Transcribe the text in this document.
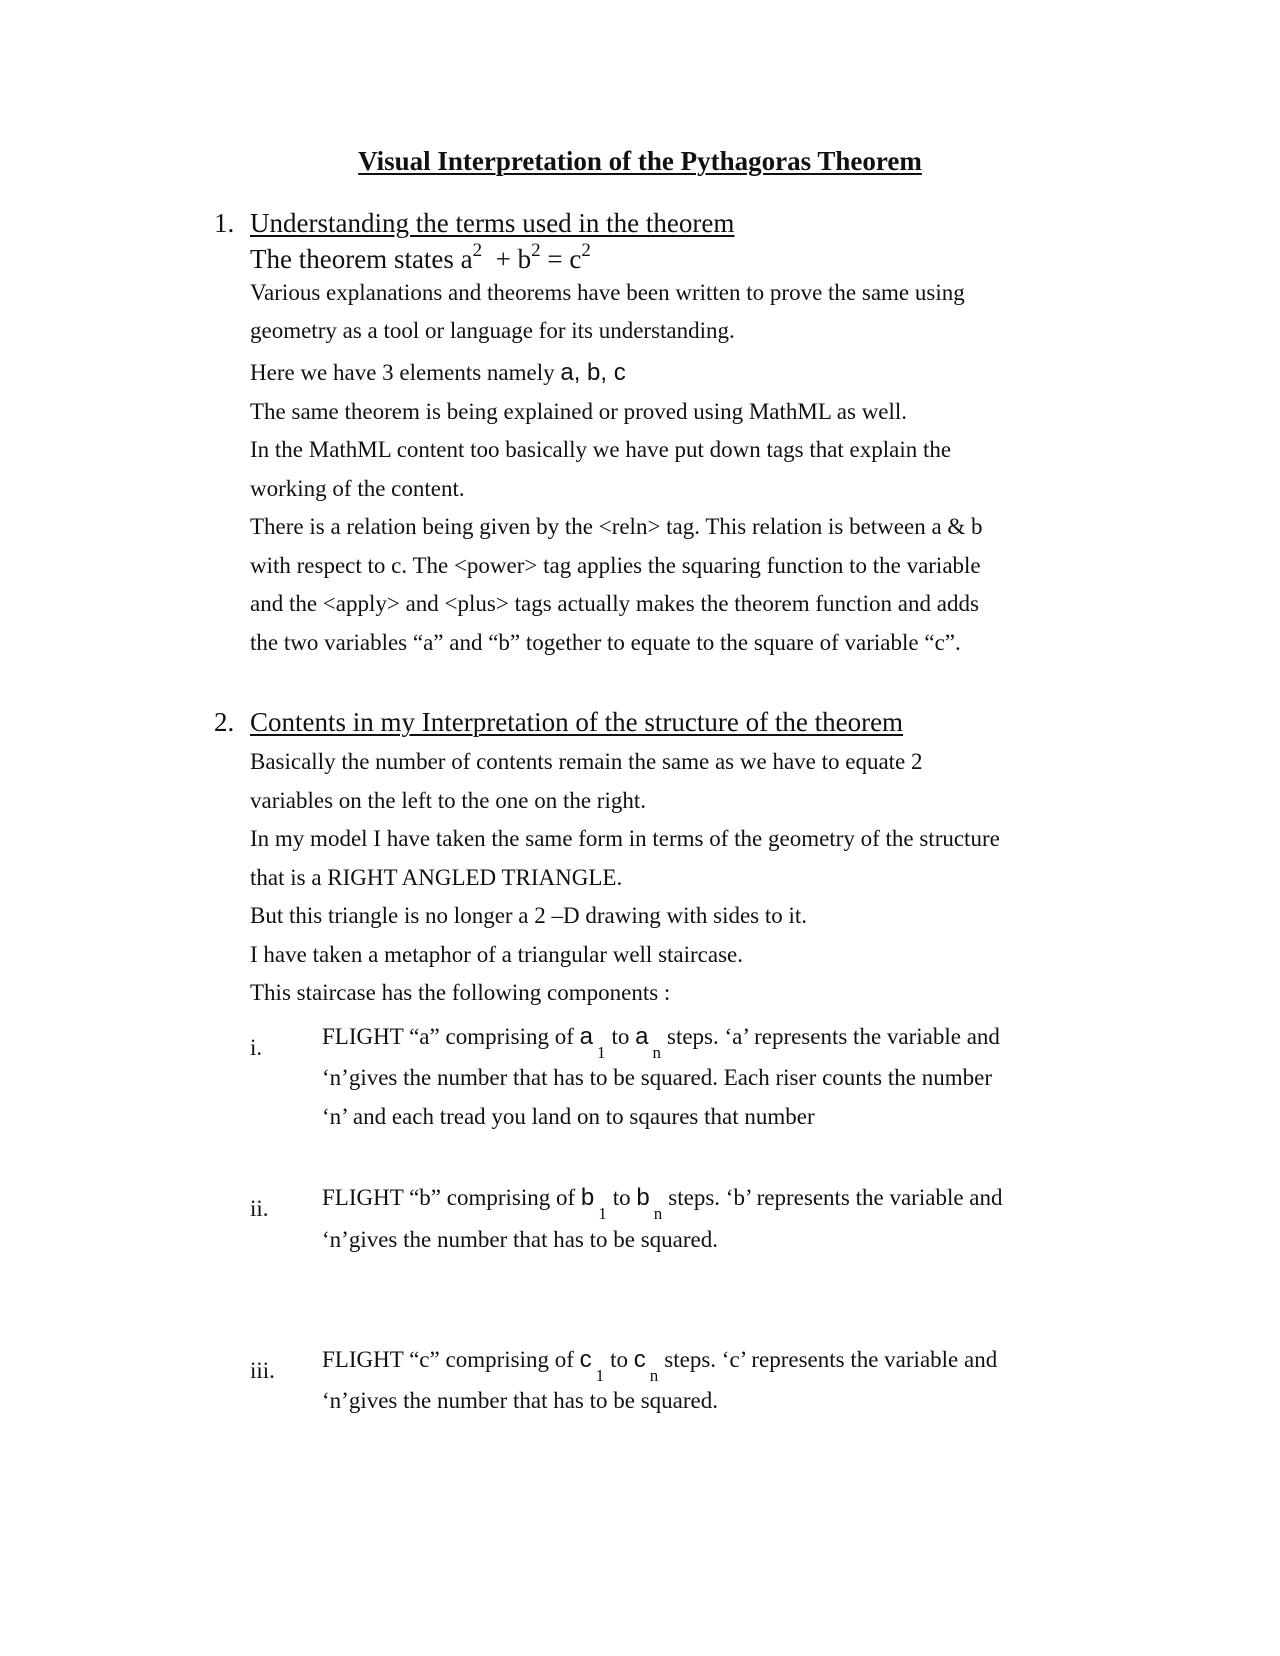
Visual Interpretation of the Pythagoras Theorem
1. Understanding the terms used in the theorem
The theorem states $a^2 + b^2 = c^2$
Various explanations and theorems have been written to prove the same using
geometry as a tool or language for its understanding.
Here we have 3 elements namely a, b, c
The same theorem is being explained or proved using MathML as well.
In the MathML content too basically we have put down tags that explain the
working of the content.
There is a relation being given by the <reln> tag. This relation is between a & b
with respect to c. The <power> tag applies the squaring function to the variable
and the <apply> and <plus> tags actually makes the theorem function and adds
the two variables “a” and “b” together to equate to the square of variable “c”.
2. Contents in my Interpretation of the structure of the theorem
Basically the number of contents remain the same as we have to equate 2
variables on the left to the one on the right.
In my model I have taken the same form in terms of the geometry of the structure
that is a RIGHT ANGLED TRIANGLE.
But this triangle is no longer a 2 –D drawing with sides to it.
I have taken a metaphor of a triangular well staircase.
This staircase has the following components :
i.	FLIGHT “a” comprising of $a_1to$ $a_nsteps$. ‘a’ represents the variable and
‘n’gives the number that has to be squared. Each riser counts the number
‘n’ and each tread you land on to sqaures that number
ii. FLIGHT “b” comprising of $b_1to$ $b_nsteps$. ‘b’ represents the variable and
‘n’gives the number that has to be squared.
iii. FLIGHT “c” comprising of $c_1to$ $c_nsteps$. ‘c’ represents the variable and
‘n’gives the number that has to be squared.
